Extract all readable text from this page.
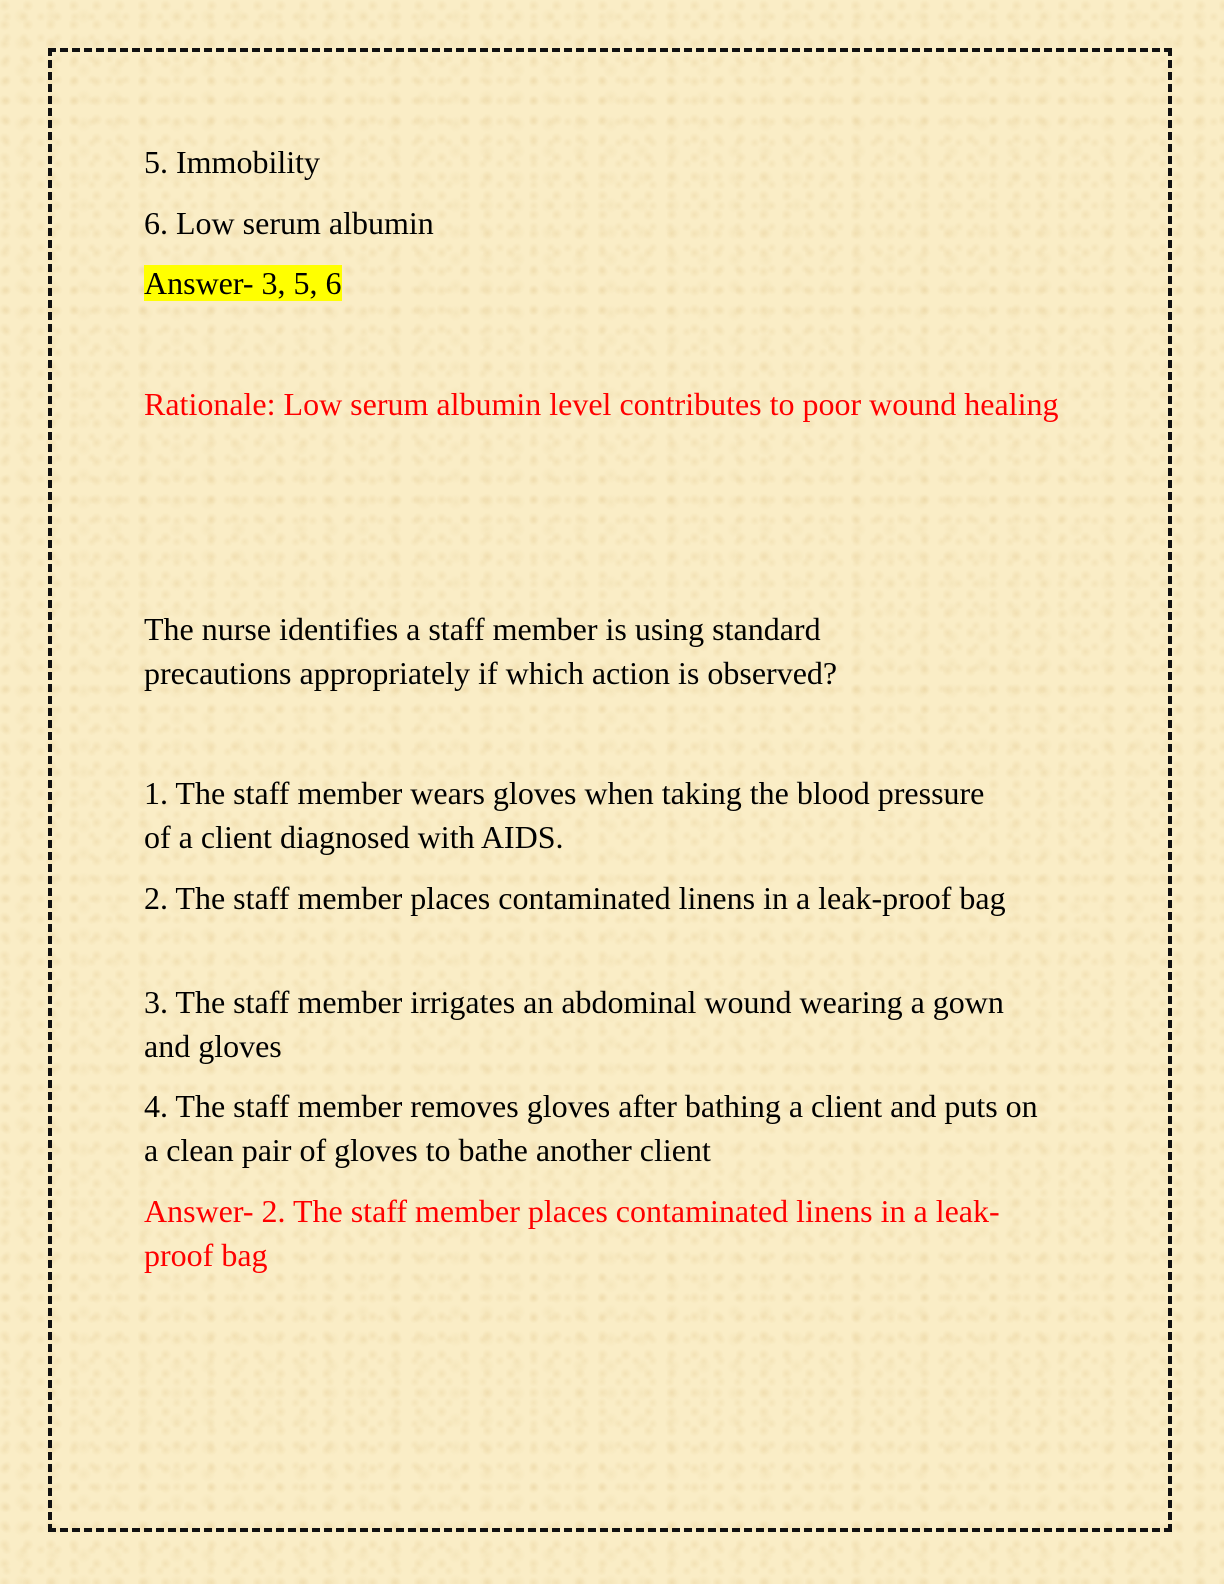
5. Immobility

6. Low serum albumin

Answer- 3, 5, 6

Rationale: Low serum albumin level contributes to poor wound healing

The nurse identifies a staff member is using standard precautions appropriately if which action is observed?

1. The staff member wears gloves when taking the blood pressure of a client diagnosed with AIDS.

2. The staff member places contaminated linens in a leak-proof bag

3. The staff member irrigates an abdominal wound wearing a gown and gloves

4. The staff member removes gloves after bathing a client and puts on a clean pair of gloves to bathe another client

Answer- 2. The staff member places contaminated linens in a leak-proof bag
